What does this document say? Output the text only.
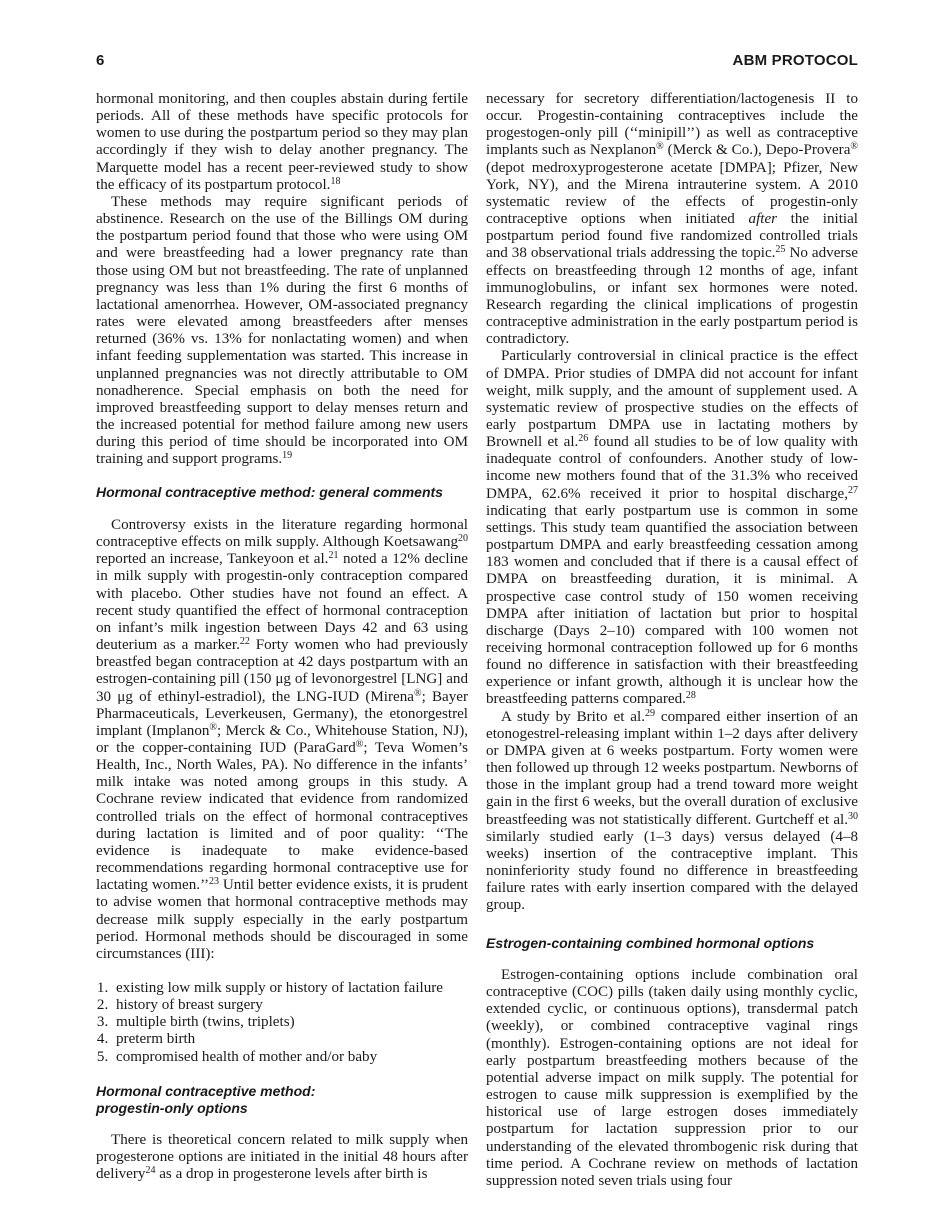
6	ABM PROTOCOL

hormonal monitoring, and then couples abstain during fertile periods. All of these methods have specific protocols for women to use during the postpartum period so they may plan accordingly if they wish to delay another pregnancy. The Marquette model has a recent peer-reviewed study to show the efficacy of its postpartum protocol.$^{18}$

These methods may require significant periods of abstinence. Research on the use of the Billings OM during the postpartum period found that those who were using OM and were breastfeeding had a lower pregnancy rate than those using OM but not breastfeeding. The rate of unplanned pregnancy was less than 1% during the first 6 months of lactational amenorrhea. However, OM-associated pregnancy rates were elevated among breastfeeders after menses returned (36% vs. 13% for nonlactating women) and when infant feeding supplementation was started. This increase in unplanned pregnancies was not directly attributable to OM nonadherence. Special emphasis on both the need for improved breastfeeding support to delay menses return and the increased potential for method failure among new users during this period of time should be incorporated into OM training and support programs.$^{19}$

Hormonal contraceptive method: general comments

Controversy exists in the literature regarding hormonal contraceptive effects on milk supply. Although Koetsawang$^{20}$ reported an increase, Tankeyoon et al.$^{21}$ noted a 12% decline in milk supply with progestin-only contraception compared with placebo. Other studies have not found an effect. A recent study quantified the effect of hormonal contraception on infant’s milk ingestion between Days 42 and 63 using deuterium as a marker.$^{22}$ Forty women who had previously breastfed began contraception at 42 days postpartum with an estrogen-containing pill (150 μg of levonorgestrel [LNG] and 30 μg of ethinyl-estradiol), the LNG-IUD (Mirena®; Bayer Pharmaceuticals, Leverkeusen, Germany), the etonorgestrel implant (Implanon®; Merck & Co., Whitehouse Station, NJ), or the copper-containing IUD (ParaGard®; Teva Women’s Health, Inc., North Wales, PA). No difference in the infants’ milk intake was noted among groups in this study. A Cochrane review indicated that evidence from randomized controlled trials on the effect of hormonal contraceptives during lactation is limited and of poor quality: ‘‘The evidence is inadequate to make evidence-based recommendations regarding hormonal contraceptive use for lactating women.’’$^{23}$ Until better evidence exists, it is prudent to advise women that hormonal contraceptive methods may decrease milk supply especially in the early postpartum period. Hormonal methods should be discouraged in some circumstances (III):

1. existing low milk supply or history of lactation failure
2. history of breast surgery
3. multiple birth (twins, triplets)
4. preterm birth
5. compromised health of mother and/or baby
Hormonal contraceptive method:
progestin-only options

There is theoretical concern related to milk supply when progesterone options are initiated in the initial 48 hours after delivery$^{24}$ as a drop in progesterone levels after birth is

necessary for secretory differentiation/lactogenesis II to occur. Progestin-containing contraceptives include the progestogen-only pill (‘‘minipill’’) as well as contraceptive implants such as Nexplanon® (Merck & Co.), Depo-Provera® (depot medroxyprogesterone acetate [DMPA]; Pfizer, New York, NY), and the Mirena intrauterine system. A 2010 systematic review of the effects of progestin-only contraceptive options when initiated after the initial postpartum period found five randomized controlled trials and 38 observational trials addressing the topic.$^{25}$ No adverse effects on breastfeeding through 12 months of age, infant immunoglobulins, or infant sex hormones were noted. Research regarding the clinical implications of progestin contraceptive administration in the early postpartum period is contradictory.

Particularly controversial in clinical practice is the effect of DMPA. Prior studies of DMPA did not account for infant weight, milk supply, and the amount of supplement used. A systematic review of prospective studies on the effects of early postpartum DMPA use in lactating mothers by Brownell et al.$^{26}$ found all studies to be of low quality with inadequate control of confounders. Another study of low-income new mothers found that of the 31.3% who received DMPA, 62.6% received it prior to hospital discharge,$^{27}$ indicating that early postpartum use is common in some settings. This study team quantified the association between postpartum DMPA and early breastfeeding cessation among 183 women and concluded that if there is a causal effect of DMPA on breastfeeding duration, it is minimal. A prospective case control study of 150 women receiving DMPA after initiation of lactation but prior to hospital discharge (Days 2–10) compared with 100 women not receiving hormonal contraception followed up for 6 months found no difference in satisfaction with their breastfeeding experience or infant growth, although it is unclear how the breastfeeding patterns compared.$^{28}$

A study by Brito et al.$^{29}$ compared either insertion of an etonogestrel-releasing implant within 1–2 days after delivery or DMPA given at 6 weeks postpartum. Forty women were then followed up through 12 weeks postpartum. Newborns of those in the implant group had a trend toward more weight gain in the first 6 weeks, but the overall duration of exclusive breastfeeding was not statistically different. Gurtcheff et al.$^{30}$ similarly studied early (1–3 days) versus delayed (4–8 weeks) insertion of the contraceptive implant. This noninferiority study found no difference in breastfeeding failure rates with early insertion compared with the delayed group.

Estrogen-containing combined hormonal options

Estrogen-containing options include combination oral contraceptive (COC) pills (taken daily using monthly cyclic, extended cyclic, or continuous options), transdermal patch (weekly), or combined contraceptive vaginal rings (monthly). Estrogen-containing options are not ideal for early postpartum breastfeeding mothers because of the potential adverse impact on milk supply. The potential for estrogen to cause milk suppression is exemplified by the historical use of large estrogen doses immediately postpartum for lactation suppression prior to our understanding of the elevated thrombogenic risk during that time period. A Cochrane review on methods of lactation suppression noted seven trials using four
